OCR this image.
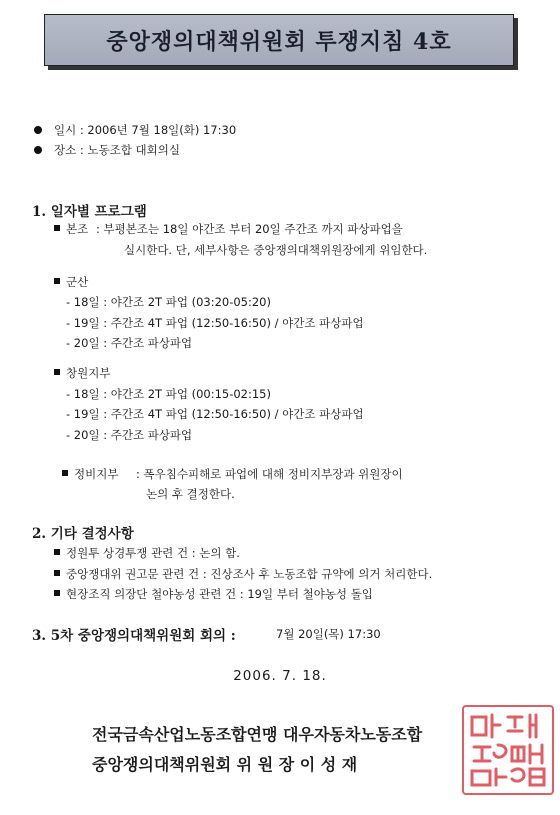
중앙쟁의대책위원회 투쟁지침 4호
일시 : 2006년 7월 18일(화) 17:30
장소 : 노동조합 대회의실
1. 일자별 프로그램
본조 : 부평본조는 18일 야간조 부터 20일 주간조 까지 파상파업을
실시한다. 단, 세부사항은 중앙쟁의대책위원장에게 위임한다.
군산
- 18일 : 야간조 2T 파업 (03:20-05:20)
- 19일 : 주간조 4T 파업 (12:50-16:50) / 야간조 파상파업
- 20일 : 주간조 파상파업
창원지부
- 18일 : 야간조 2T 파업 (00:15-02:15)
- 19일 : 주간조 4T 파업 (12:50-16:50) / 야간조 파상파업
- 20일 : 주간조 파상파업
정비지부 : 폭우침수피해로 파업에 대해 정비지부장과 위원장이
논의 후 결정한다.
2. 기타 결정사항
정원투 상경투쟁 관련 건 : 논의 함.
중앙쟁대위 권고문 관련 건 : 진상조사 후 노동조합 규약에 의거 처리한다.
현장조직 의장단 철야농성 관련 건 : 19일 부터 철야농성 돌입
3. 5차 중앙쟁의대책위원회 회의 :	7월 20일(목) 17:30
2006. 7. 18.
전국금속산업노동조합연맹 대우자동차노동조합
중앙쟁의대책위원회 위 원 장 이 성 재
